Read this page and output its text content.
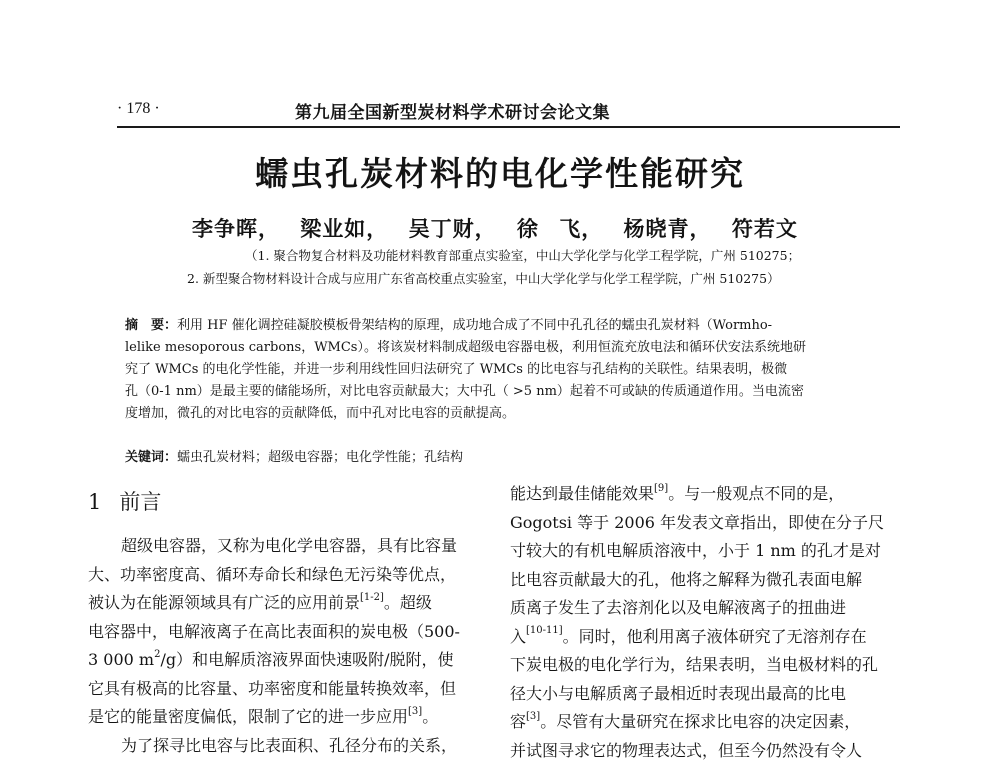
· 178 ·	第九届全国新型炭材料学术研讨会论文集
蠕虫孔炭材料的电化学性能研究
李争晖， 梁业如， 吴丁财， 徐 飞， 杨晓青， 符若文
（1. 聚合物复合材料及功能材料教育部重点实验室，中山大学化学与化学工程学院，广州 510275；
2. 新型聚合物材料设计合成与应用广东省高校重点实验室，中山大学化学与化学工程学院，广州 510275）
摘　要：利用 HF 催化调控硅凝胶模板骨架结构的原理，成功地合成了不同中孔孔径的蠕虫孔炭材料（Wormho-
lelike mesoporous carbons，WMCs）。将该炭材料制成超级电容器电极，利用恒流充放电法和循环伏安法系统地研
究了 WMCs 的电化学性能，并进一步利用线性回归法研究了 WMCs 的比电容与孔结构的关联性。结果表明，极微
孔（0-1 nm）是最主要的储能场所，对比电容贡献最大；大中孔（ >5 nm）起着不可或缺的传质通道作用。当电流密
度增加，微孔的对比电容的贡献降低，而中孔对比电容的贡献提高。
关键词：蠕虫孔炭材料；超级电容器；电化学性能；孔结构
1 前言
超级电容器，又称为电化学电容器，具有比容量
大、功率密度高、循环寿命长和绿色无污染等优点，
被认为在能源领域具有广泛的应用前景[1-2]。超级
电容器中，电解液离子在高比表面积的炭电极（500-
3 000 $m^2/g$）和电解质溶液界面快速吸附/脱附，使
它具有极高的比容量、功率密度和能量转换效率，但
是它的能量密度偏低，限制了它的进一步应用[3]。
为了探寻比电容与比表面积、孔径分布的关系，
能达到最佳储能效果[9]。与一般观点不同的是，
Gogotsi 等于 2006 年发表文章指出，即使在分子尺
寸较大的有机电解质溶液中，小于 1 nm 的孔才是对
比电容贡献最大的孔，他将之解释为微孔表面电解
质离子发生了去溶剂化以及电解液离子的扭曲进
入[10-11]。同时，他利用离子液体研究了无溶剂存在
下炭电极的电化学行为，结果表明，当电极材料的孔
径大小与电解质离子最相近时表现出最高的比电
容[3]。尽管有大量研究在探求比电容的决定因素，
并试图寻求它的物理表达式，但至今仍然没有令人
